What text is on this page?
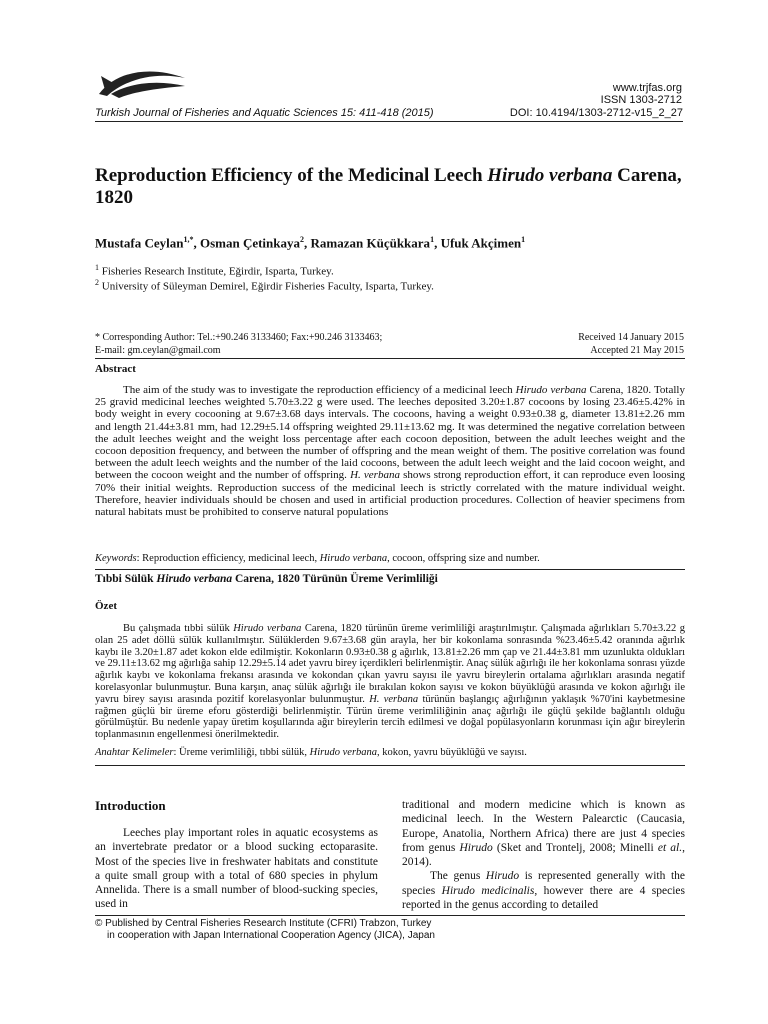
www.trjfas.org
ISSN 1303-2712
Turkish Journal of Fisheries and Aquatic Sciences 15: 411-418 (2015)	DOI: 10.4194/1303-2712-v15_2_27
Reproduction Efficiency of the Medicinal Leech Hirudo verbana Carena, 1820
Mustafa Ceylan$^{1,*}$, Osman Çetinkaya$^2$, Ramazan Küçükkara$^1$, Ufuk Akçimen$^1$
$^1$ Fisheries Research Institute, Eğirdir, Isparta, Turkey.
$^2$ University of Süleyman Demirel, Eğirdir Fisheries Faculty, Isparta, Turkey.
* Corresponding Author: Tel.:+90.246 3133460; Fax:+90.246 3133463;
E-mail: gm.ceylan@gmail.com
Received 14 January 2015
Accepted 21 May 2015
Abstract
The aim of the study was to investigate the reproduction efficiency of a medicinal leech Hirudo verbana Carena, 1820. Totally 25 gravid medicinal leeches weighted 5.70±3.22 g were used. The leeches deposited 3.20±1.87 cocoons by losing 23.46±5.42% in body weight in every cocooning at 9.67±3.68 days intervals. The cocoons, having a weight 0.93±0.38 g, diameter 13.81±2.26 mm and length 21.44±3.81 mm, had 12.29±5.14 offspring weighted 29.11±13.62 mg. It was determined the negative correlation between the adult leeches weight and the weight loss percentage after each cocoon deposition, between the adult leeches weight and the cocoon deposition frequency, and between the number of offspring and the mean weight of them. The positive correlation was found between the adult leech weights and the number of the laid cocoons, between the adult leech weight and the laid cocoon weight, and between the cocoon weight and the number of offspring. H. verbana shows strong reproduction effort, it can reproduce even loosing 70% their initial weights. Reproduction success of the medicinal leech is strictly correlated with the mature individual weight. Therefore, heavier individuals should be chosen and used in artificial production procedures. Collection of heavier specimens from natural habitats must be prohibited to conserve natural populations
Keywords: Reproduction efficiency, medicinal leech, Hirudo verbana, cocoon, offspring size and number.
Tıbbi Sülük Hirudo verbana Carena, 1820 Türünün Üreme Verimliliği
Özet
Bu çalışmada tıbbi sülük Hirudo verbana Carena, 1820 türünün üreme verimliliği araştırılmıştır. Çalışmada ağırlıkları 5.70±3.22 g olan 25 adet döllü sülük kullanılmıştır. Sülüklerden 9.67±3.68 gün arayla, her bir kokonlama sonrasında %23.46±5.42 oranında ağırlık kaybı ile 3.20±1.87 adet kokon elde edilmiştir. Kokonların 0.93±0.38 g ağırlık, 13.81±2.26 mm çap ve 21.44±3.81 mm uzunlukta oldukları ve 29.11±13.62 mg ağırlığa sahip 12.29±5.14 adet yavru birey içerdikleri belirlenmiştir. Anaç sülük ağırlığı ile her kokonlama sonrası yüzde ağırlık kaybı ve kokonlama frekansı arasında ve kokondan çıkan yavru sayısı ile yavru bireylerin ortalama ağırlıkları arasında negatif korelasyonlar bulunmuştur. Buna karşın, anaç sülük ağırlığı ile bırakılan kokon sayısı ve kokon büyüklüğü arasında ve kokon ağırlığı ile yavru birey sayısı arasında pozitif korelasyonlar bulunmuştur. H. verbana türünün başlangıç ağırlığının yaklaşık %70'ini kaybetmesine rağmen güçlü bir üreme eforu gösterdiği belirlenmiştir. Türün üreme verimliliğinin anaç ağırlığı ile güçlü şekilde bağlantılı olduğu görülmüştür. Bu nedenle yapay üretim koşullarında ağır bireylerin tercih edilmesi ve doğal popülasyonların korunması için ağır bireylerin toplanmasının engellenmesi önerilmektedir.
Anahtar Kelimeler: Üreme verimliliği, tıbbi sülük, Hirudo verbana, kokon, yavru büyüklüğü ve sayısı.
Introduction

Leeches play important roles in aquatic ecosystems as an invertebrate predator or a blood sucking ectoparasite. Most of the species live in freshwater habitats and constitute a quite small group with a total of 680 species in phylum Annelida. There is a small number of blood-sucking species, used in

traditional and modern medicine which is known as medicinal leech. In the Western Palearctic (Caucasia, Europe, Anatolia, Northern Africa) there are just 4 species from genus Hirudo (Sket and Trontelj, 2008; Minelli et al., 2014).

The genus Hirudo is represented generally with the species Hirudo medicinalis, however there are 4 species reported in the genus according to detailed

© Published by Central Fisheries Research Institute (CFRI) Trabzon, Turkey
in cooperation with Japan International Cooperation Agency (JICA), Japan
